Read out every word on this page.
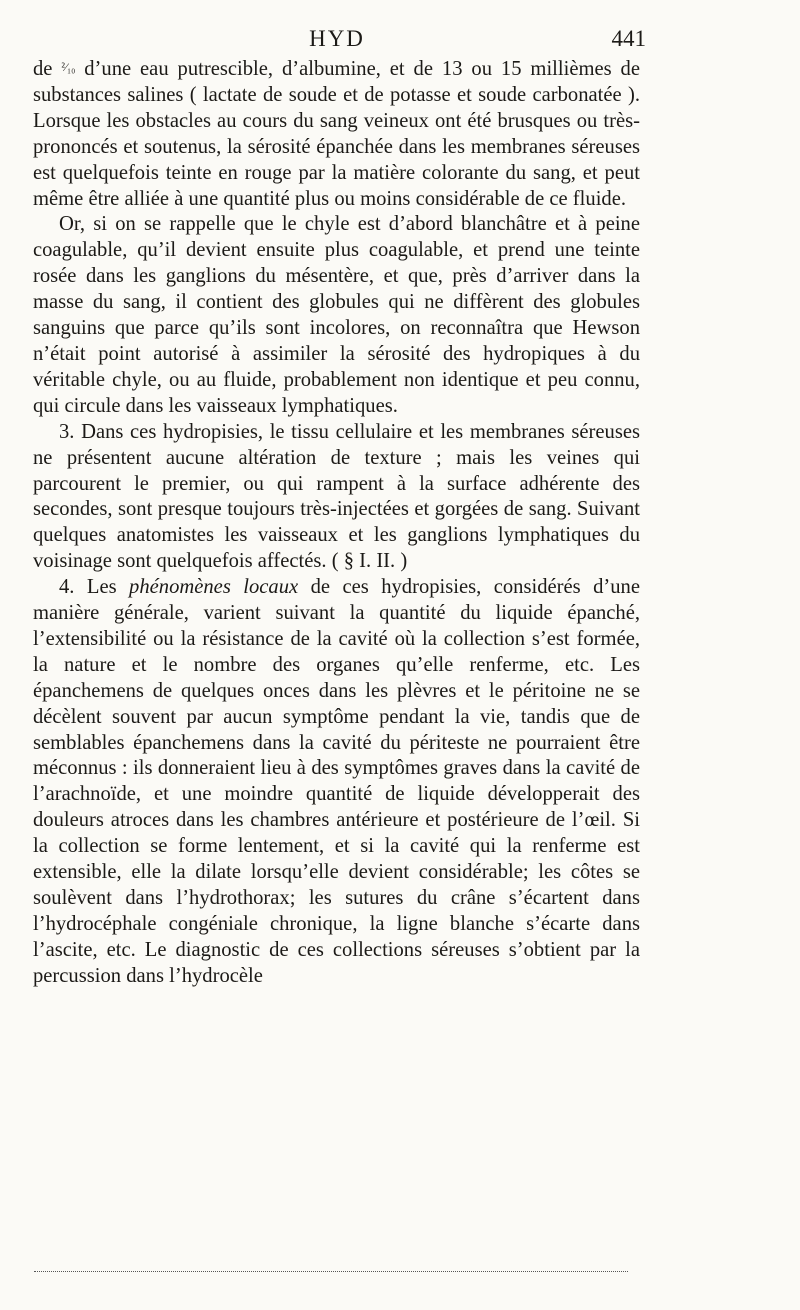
HYD	441

de ²⁄₁₀ d’une eau putrescible, d’albumine, et de 13 ou 15 millièmes de substances salines ( lactate de soude et de potasse et soude carbonatée ). Lorsque les obstacles au cours du sang veineux ont été brusques ou très-prononcés et soutenus, la sérosité épanchée dans les membranes séreuses est quelquefois teinte en rouge par la matière colorante du sang, et peut même être alliée à une quantité plus ou moins considérable de ce fluide.

Or, si on se rappelle que le chyle est d’abord blanchâtre et à peine coagulable, qu’il devient ensuite plus coagulable, et prend une teinte rosée dans les ganglions du mésentère, et que, près d’arriver dans la masse du sang, il contient des globules qui ne diffèrent des globules sanguins que parce qu’ils sont incolores, on reconnaîtra que Hewson n’était point autorisé à assimiler la sérosité des hydropiques à du véritable chyle, ou au fluide, probablement non identique et peu connu, qui circule dans les vaisseaux lymphatiques.

3. Dans ces hydropisies, le tissu cellulaire et les membranes séreuses ne présentent aucune altération de texture ; mais les veines qui parcourent le premier, ou qui rampent à la surface adhérente des secondes, sont presque toujours très-injectées et gorgées de sang. Suivant quelques anatomistes les vaisseaux et les ganglions lymphatiques du voisinage sont quelquefois affectés. ( § I. II. )

4. Les phénomènes locaux de ces hydropisies, considérés d’une manière générale, varient suivant la quantité du liquide épanché, l’extensibilité ou la résistance de la cavité où la collection s’est formée, la nature et le nombre des organes qu’elle renferme, etc. Les épanchemens de quelques onces dans les plèvres et le péritoine ne se décèlent souvent par aucun symptôme pendant la vie, tandis que de semblables épanchemens dans la cavité du périteste ne pourraient être méconnus : ils donneraient lieu à des symptômes graves dans la cavité de l’arachnoïde, et une moindre quantité de liquide développerait des douleurs atroces dans les chambres antérieure et postérieure de l’œil. Si la collection se forme lentement, et si la cavité qui la renferme est extensible, elle la dilate lorsqu’elle devient considérable; les côtes se soulèvent dans l’hydrothorax; les sutures du crâne s’écartent dans l’hydrocéphale congéniale chronique, la ligne blanche s’écarte dans l’ascite, etc. Le diagnostic de ces collections séreuses s’obtient par la percussion dans l’hydrocèle
